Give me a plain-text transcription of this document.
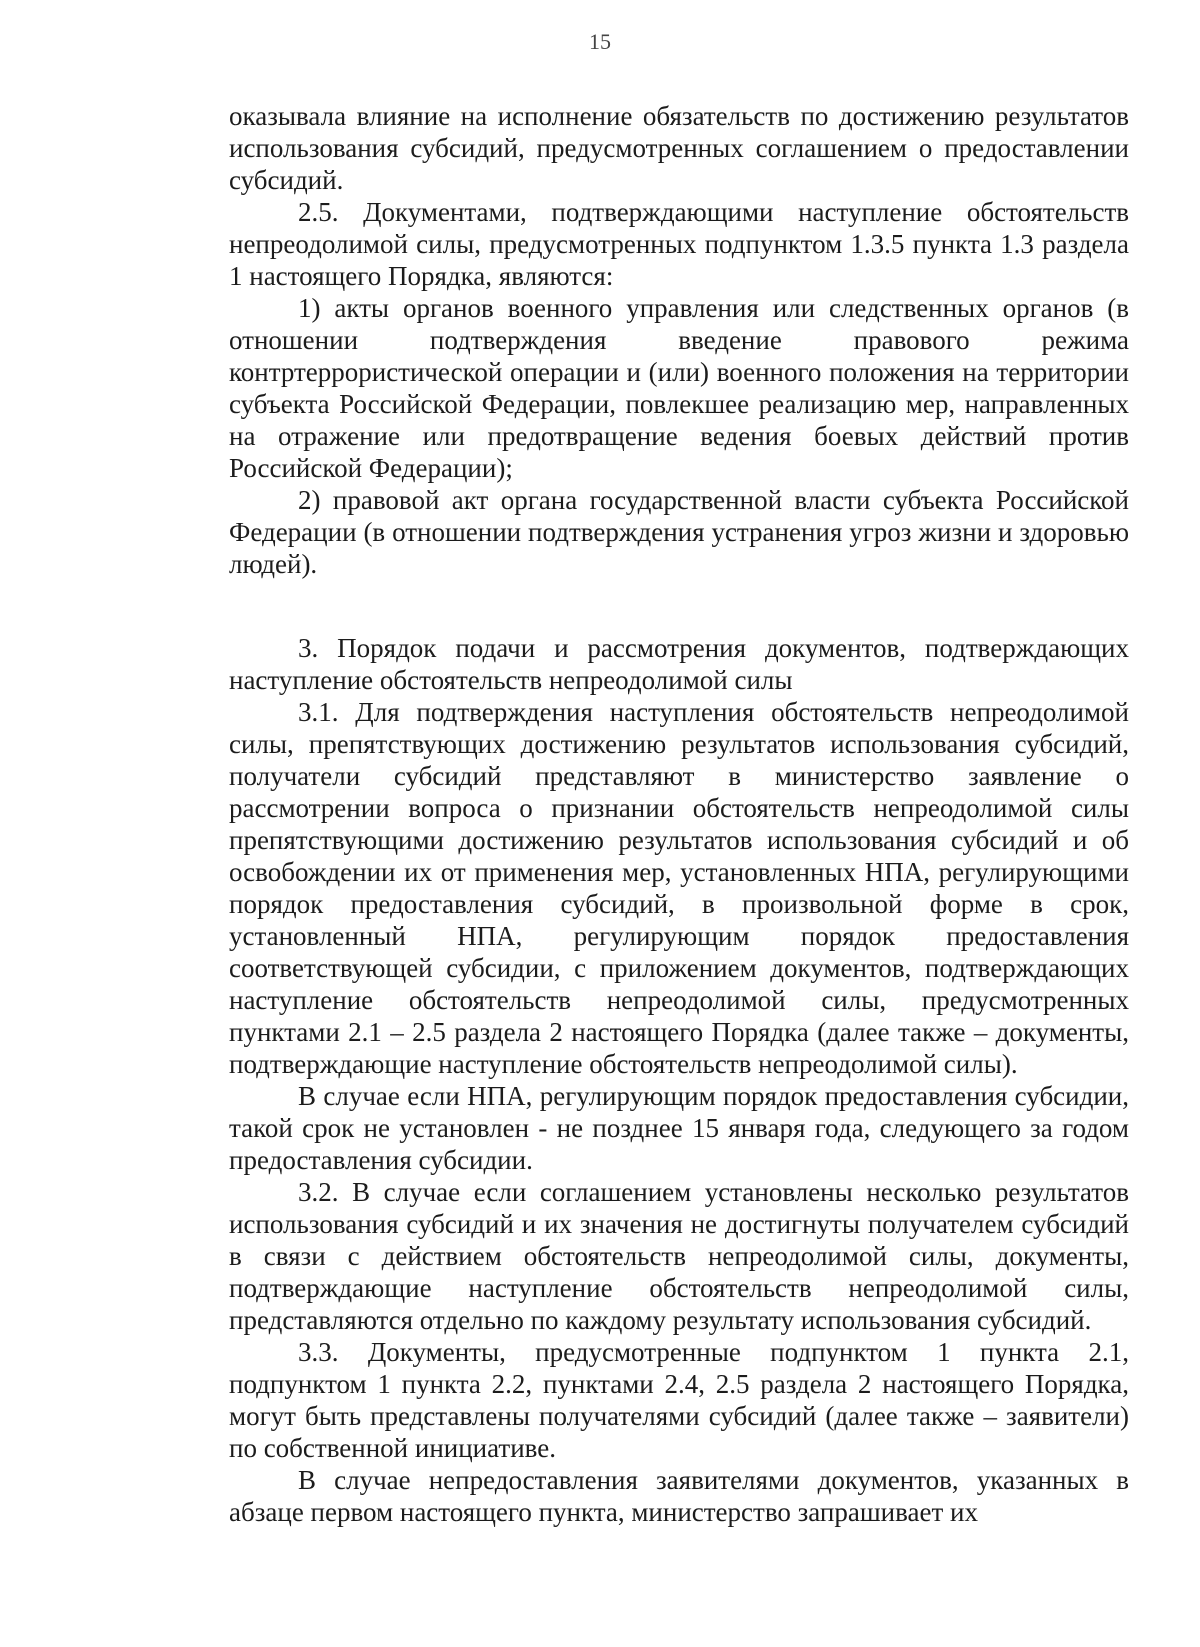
15

оказывала влияние на исполнение обязательств по достижению результатов использования субсидий, предусмотренных соглашением о предоставлении субсидий.

2.5. Документами, подтверждающими наступление обстоятельств непреодолимой силы, предусмотренных подпунктом 1.3.5 пункта 1.3 раздела 1 настоящего Порядка, являются:

1) акты органов военного управления или следственных органов (в отношении подтверждения введение правового режима контртеррористической операции и (или) военного положения на территории субъекта Российской Федерации, повлекшее реализацию мер, направленных на отражение или предотвращение ведения боевых действий против Российской Федерации);

2) правовой акт органа государственной власти субъекта Российской Федерации (в отношении подтверждения устранения угроз жизни и здоровью людей).

3. Порядок подачи и рассмотрения документов, подтверждающих наступление обстоятельств непреодолимой силы

3.1. Для подтверждения наступления обстоятельств непреодолимой силы, препятствующих достижению результатов использования субсидий, получатели субсидий представляют в министерство заявление о рассмотрении вопроса о признании обстоятельств непреодолимой силы препятствующими достижению результатов использования субсидий и об освобождении их от применения мер, установленных НПА, регулирующими порядок предоставления субсидий, в произвольной форме в срок, установленный НПА, регулирующим порядок предоставления соответствующей субсидии, с приложением документов, подтверждающих наступление обстоятельств непреодолимой силы, предусмотренных пунктами 2.1 – 2.5 раздела 2 настоящего Порядка (далее также – документы, подтверждающие наступление обстоятельств непреодолимой силы).

В случае если НПА, регулирующим порядок предоставления субсидии, такой срок не установлен - не позднее 15 января года, следующего за годом предоставления субсидии.

3.2. В случае если соглашением установлены несколько результатов использования субсидий и их значения не достигнуты получателем субсидий в связи с действием обстоятельств непреодолимой силы, документы, подтверждающие наступление обстоятельств непреодолимой силы, представляются отдельно по каждому результату использования субсидий.

3.3. Документы, предусмотренные подпунктом 1 пункта 2.1, подпунктом 1 пункта 2.2, пунктами 2.4, 2.5 раздела 2 настоящего Порядка, могут быть представлены получателями субсидий (далее также – заявители) по собственной инициативе.

В случае непредоставления заявителями документов, указанных в абзаце первом настоящего пункта, министерство запрашивает их
